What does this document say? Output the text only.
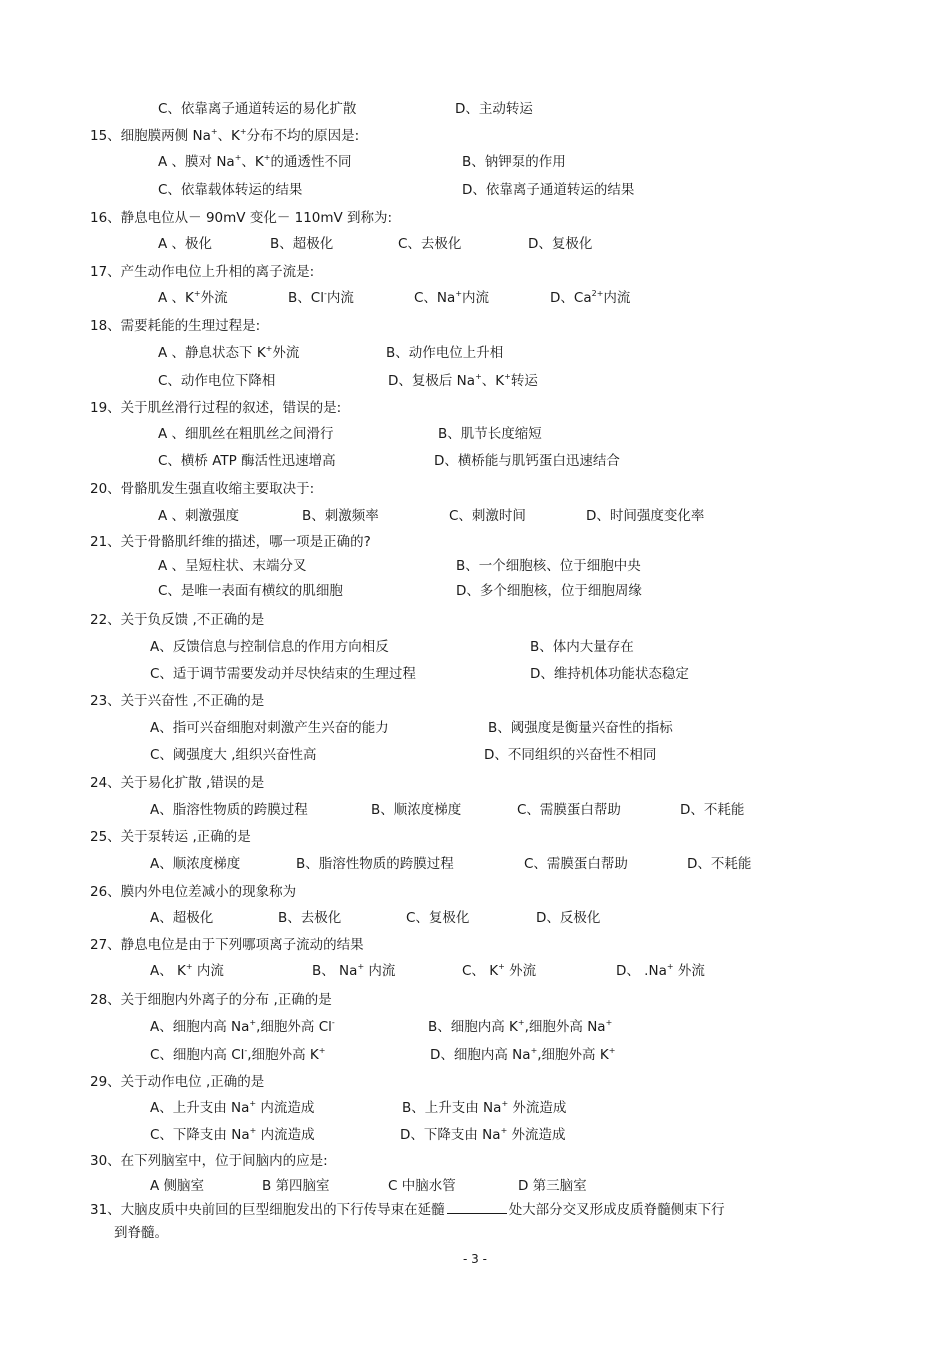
C、依靠离子通道转运的易化扩散	D、主动转运
15、细胞膜两侧 Na+、K+分布不均的原因是:
A 、膜对 Na+、K+的通透性不同	B、钠钾泵的作用
C、依靠载体转运的结果	D、依靠离子通道转运的结果
16、静息电位从－ 90mV 变化－ 110mV 到称为:
A 、极化	B、超极化	C、去极化	D、复极化
17、产生动作电位上升相的离子流是:
A 、K+外流	B、Cl-内流	C、Na+内流	D、$Ca^{2+}$内流
18、需要耗能的生理过程是:
A 、静息状态下 K+外流	B、动作电位上升相
C、动作电位下降相	D、复极后 Na+、K+转运
19、关于肌丝滑行过程的叙述，错误的是:
A 、细肌丝在粗肌丝之间滑行	B、肌节长度缩短
C、横桥 ATP 酶活性迅速增高	D、横桥能与肌钙蛋白迅速结合
20、骨骼肌发生强直收缩主要取决于:
A 、刺激强度	B、刺激频率	C、刺激时间	D、时间强度变化率
21、关于骨骼肌纤维的描述，哪一项是正确的?
A 、呈短柱状、末端分叉	B、一个细胞核、位于细胞中央
C、是唯一表面有横纹的肌细胞	D、多个细胞核，位于细胞周缘
22、关于负反馈 ,不正确的是
A、反馈信息与控制信息的作用方向相反	B、体内大量存在
C、适于调节需要发动并尽快结束的生理过程	D、维持机体功能状态稳定
23、关于兴奋性 ,不正确的是
A、指可兴奋细胞对刺激产生兴奋的能力	B、阈强度是衡量兴奋性的指标
C、阈强度大 ,组织兴奋性高	D、不同组织的兴奋性不相同
24、关于易化扩散 ,错误的是
A、脂溶性物质的跨膜过程	B、顺浓度梯度	C、需膜蛋白帮助	D、不耗能
25、关于泵转运 ,正确的是
A、顺浓度梯度	B、脂溶性物质的跨膜过程	C、需膜蛋白帮助	D、不耗能
26、膜内外电位差减小的现象称为
A、超极化	B、去极化	C、复极化	D、反极化
27、静息电位是由于下列哪项离子流动的结果
A、 K+ 内流	B、 Na+ 内流	C、 K+ 外流	D、 .Na+ 外流
28、关于细胞内外离子的分布 ,正确的是
A、细胞内高 Na+,细胞外高 Cl-	B、细胞内高 K+,细胞外高 Na+
C、细胞内高 Cl-,细胞外高 K+	D、细胞内高 Na+,细胞外高 K+
29、关于动作电位 ,正确的是
A、上升支由 Na+ 内流造成	B、上升支由 Na+ 外流造成
C、下降支由 Na+ 内流造成	D、下降支由 Na+ 外流造成
30、在下列脑室中，位于间脑内的应是:
A 侧脑室	B 第四脑室	C 中脑水管	D 第三脑室
31、大脑皮质中央前回的巨型细胞发出的下行传导束在延髓	处大部分交叉形成皮质脊髓侧束下行
到脊髓。
- 3 -
